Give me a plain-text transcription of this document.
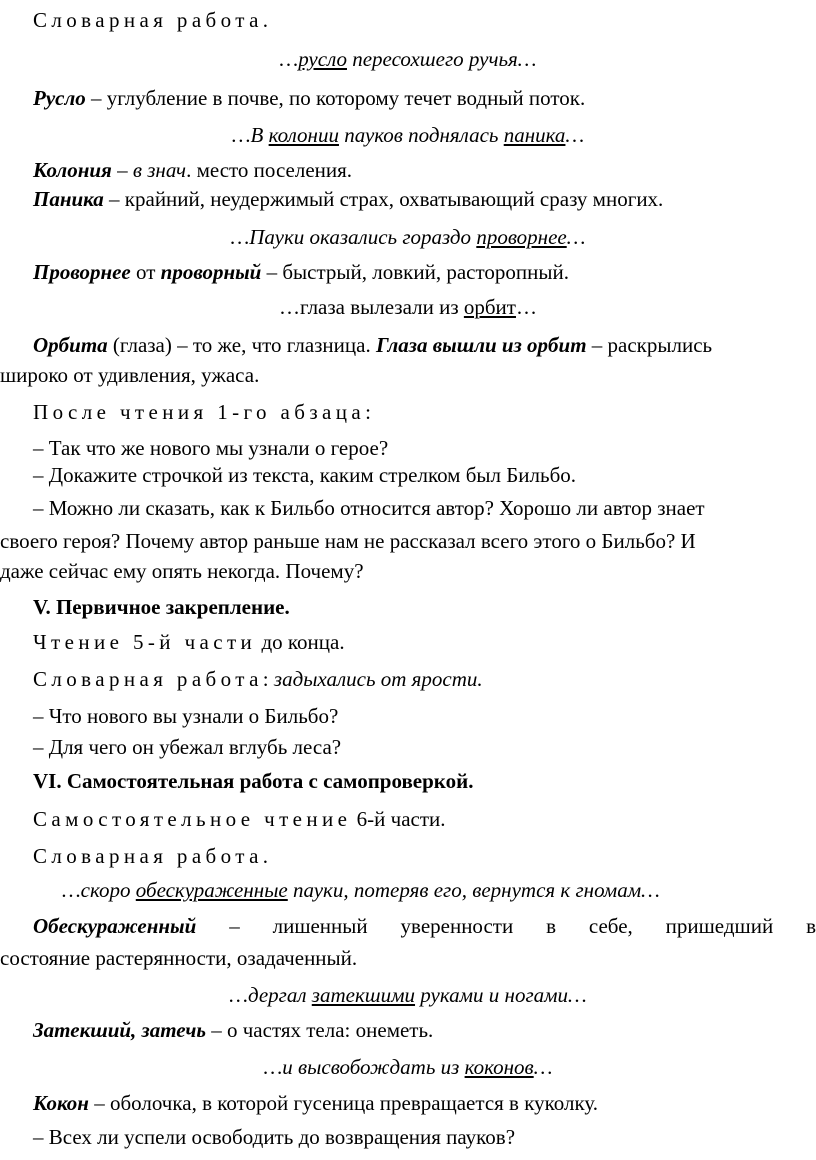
Словарная работа.
…русло пересохшего ручья…
Русло – углубление в почве, по которому течет водный поток.
…В колонии пауков поднялась паника…
Колония – в знач. место поселения.
Паника – крайний, неудержимый страх, охватывающий сразу многих.
…Пауки оказались гораздо проворнее…
Проворнее от проворный – быстрый, ловкий, расторопный.
…глаза вылезали из орбит…
Орбита (глаза) – то же, что глазница. Глаза вышли из орбит – раскрылись
широко от удивления, ужаса.
После чтения 1-го абзаца:
– Так что же нового мы узнали о герое?
– Докажите строчкой из текста, каким стрелком был Бильбо.
– Можно ли сказать, как к Бильбо относится автор? Хорошо ли автор знает
своего героя? Почему автор раньше нам не рассказал всего этого о Бильбо? И
даже сейчас ему опять некогда. Почему?
V. Первичное закрепление.
Чтение 5-й части до конца.
Словарная работа: задыхались от ярости.
– Что нового вы узнали о Бильбо?
– Для чего он убежал вглубь леса?
VI. Самостоятельная работа с самопроверкой.
Самостоятельное чтение 6-й части.
Словарная работа.
…скоро обескураженные пауки, потеряв его, вернутся к гномам…
Обескураженный – лишенный уверенности в себе, пришедший в
состояние растерянности, озадаченный.
…дергал затекшими руками и ногами…
Затекший, затечь – о частях тела: онеметь.
…и высвобождать из коконов…
Кокон – оболочка, в которой гусеница превращается в куколку.
– Всех ли успели освободить до возвращения пауков?
